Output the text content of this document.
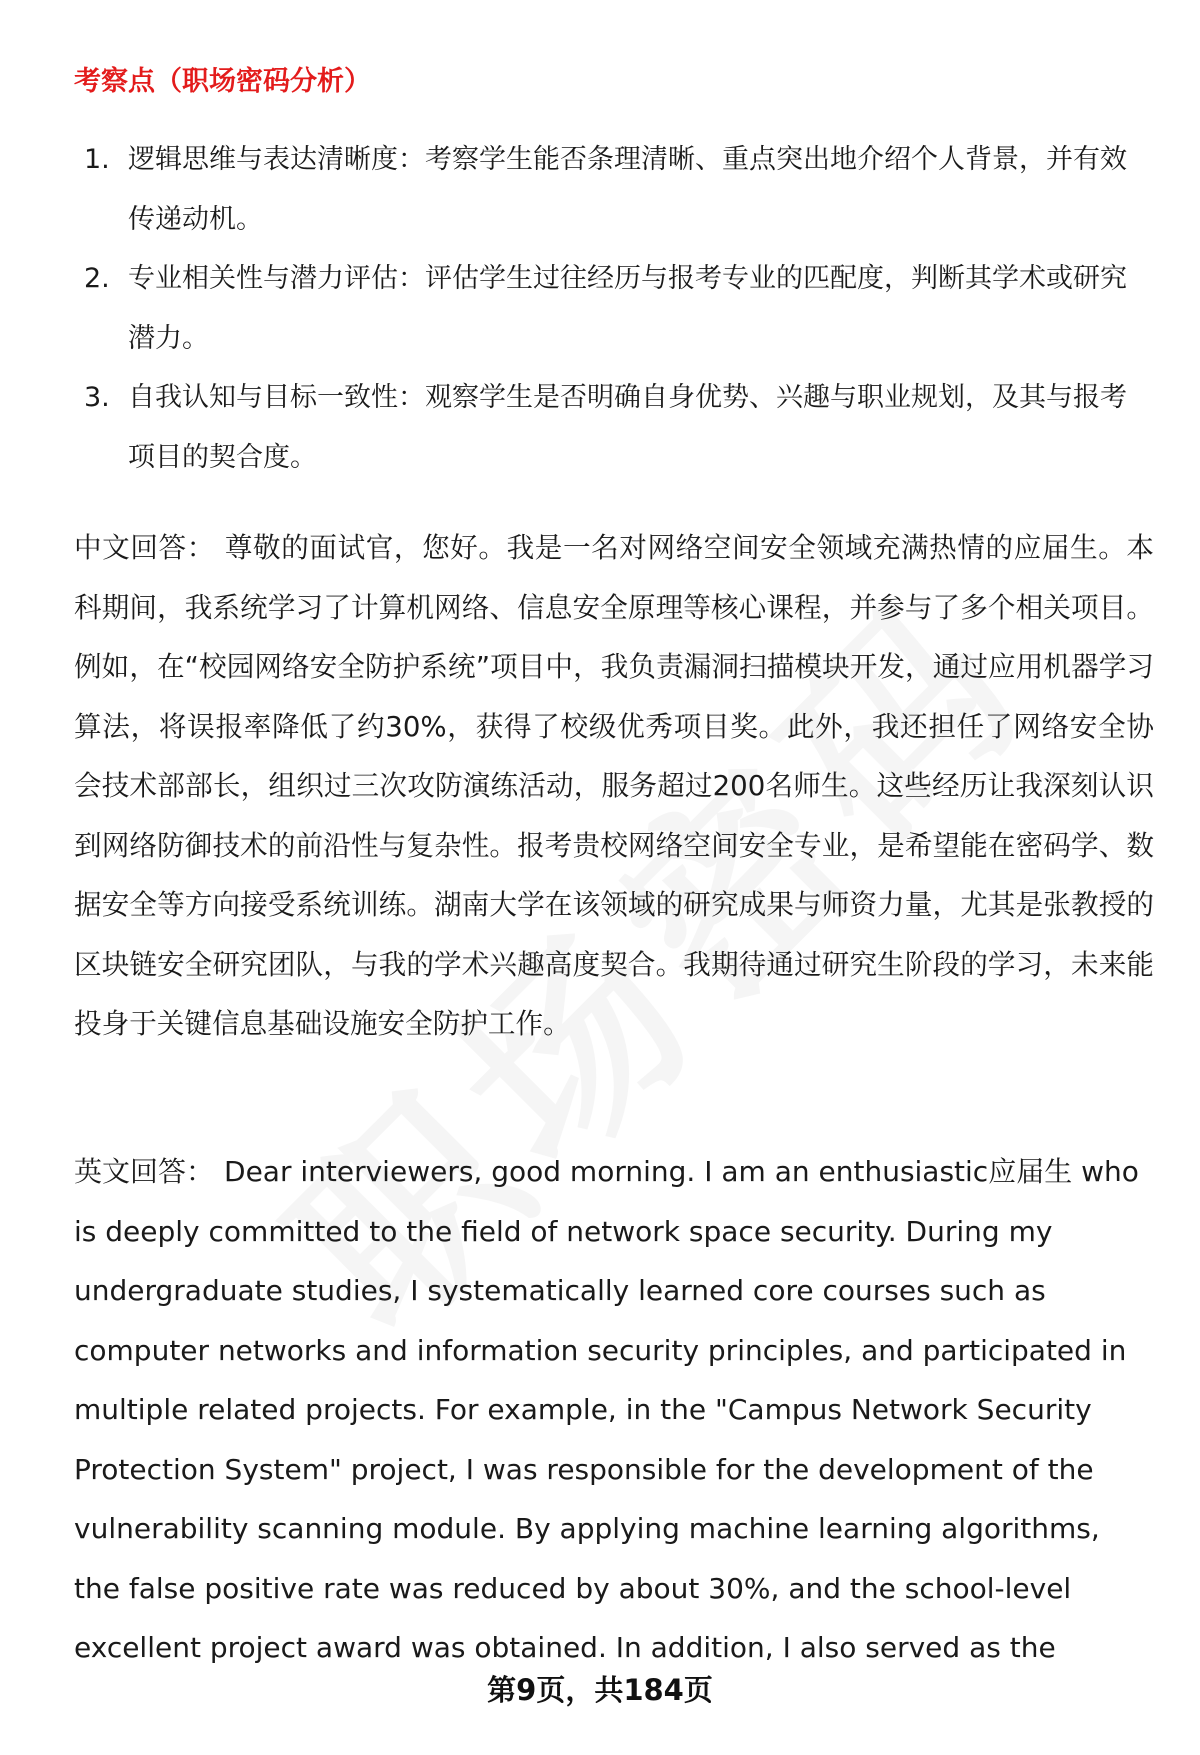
考察点（职场密码分析）
1. 逻辑思维与表达清晰度：考察学生能否条理清晰、重点突出地介绍个人背景，并有效传递动机。
2. 专业相关性与潜力评估：评估学生过往经历与报考专业的匹配度，判断其学术或研究潜力。
3. 自我认知与目标一致性：观察学生是否明确自身优势、兴趣与职业规划，及其与报考项目的契合度。

中文回答： 尊敬的面试官，您好。我是一名对网络空间安全领域充满热情的应届生。本科期间，我系统学习了计算机网络、信息安全原理等核心课程，并参与了多个相关项目。例如，在“校园网络安全防护系统”项目中，我负责漏洞扫描模块开发，通过应用机器学习算法，将误报率降低了约30%，获得了校级优秀项目奖。此外，我还担任了网络安全协会技术部部长，组织过三次攻防演练活动，服务超过200名师生。这些经历让我深刻认识到网络防御技术的前沿性与复杂性。报考贵校网络空间安全专业，是希望能在密码学、数据安全等方向接受系统训练。湖南大学在该领域的研究成果与师资力量，尤其是张教授的区块链安全研究团队，与我的学术兴趣高度契合。我期待通过研究生阶段的学习，未来能投身于关键信息基础设施安全防护工作。

英文回答： Dear interviewers, good morning. I am an enthusiastic应届生 who is deeply committed to the field of network space security. During my undergraduate studies, I systematically learned core courses such as computer networks and information security principles, and participated in multiple related projects. For example, in the "Campus Network Security Protection System" project, I was responsible for the development of the vulnerability scanning module. By applying machine learning algorithms, the false positive rate was reduced by about 30%, and the school-level excellent project award was obtained. In addition, I also served as the

第9页，共184页
